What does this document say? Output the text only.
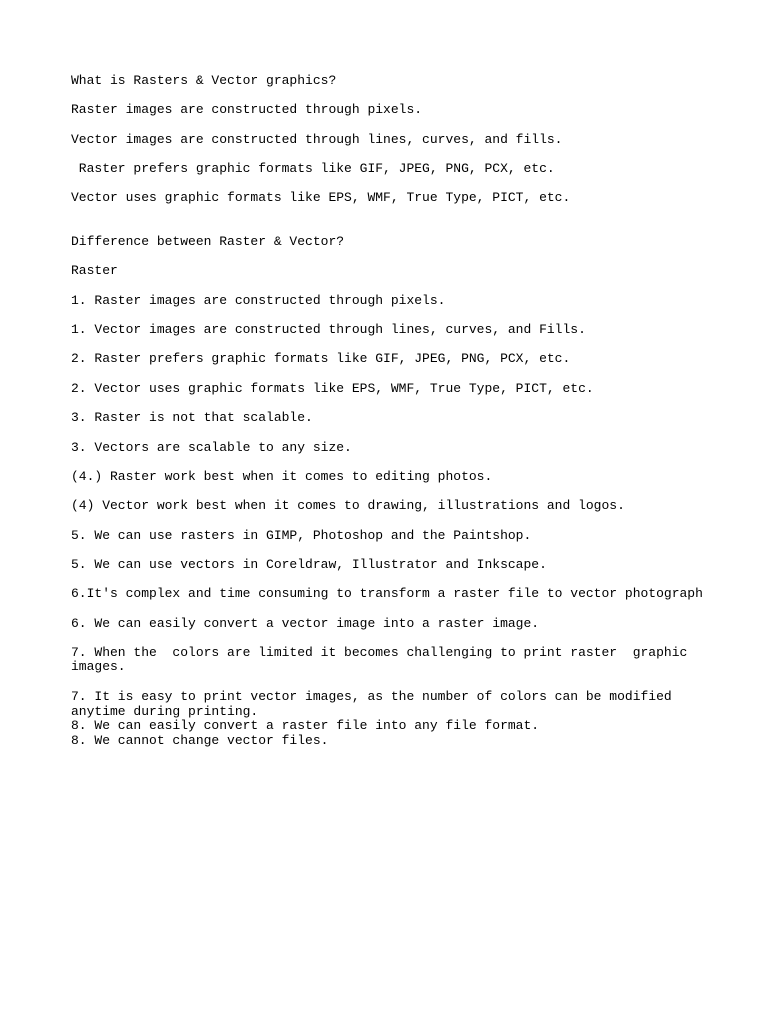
What is Rasters & Vector graphics?

Raster images are constructed through pixels.

Vector images are constructed through lines, curves, and fills.

Raster prefers graphic formats like GIF, JPEG, PNG, PCX, etc.

Vector uses graphic formats like EPS, WMF, True Type, PICT, etc.

Difference between Raster & Vector?

Raster

1. Raster images are constructed through pixels.

1. Vector images are constructed through lines, curves, and Fills.

2. Raster prefers graphic formats like GIF, JPEG, PNG, PCX, etc.

2. Vector uses graphic formats like EPS, WMF, True Type, PICT, etc.

3. Raster is not that scalable.

3. Vectors are scalable to any size.

(4.) Raster work best when it comes to editing photos.

(4) Vector work best when it comes to drawing, illustrations and logos.

5. We can use rasters in GIMP, Photoshop and the Paintshop.

5. We can use vectors in Coreldraw, Illustrator and Inkscape.

6.It's complex and time consuming to transform a raster file to vector photograph

6. We can easily convert a vector image into a raster image.

7. When the  colors are limited it becomes challenging to print raster  graphic

images.

7. It is easy to print vector images, as the number of colors can be modified

anytime during printing.

8. We can easily convert a raster file into any file format.

8. We cannot change vector files.
